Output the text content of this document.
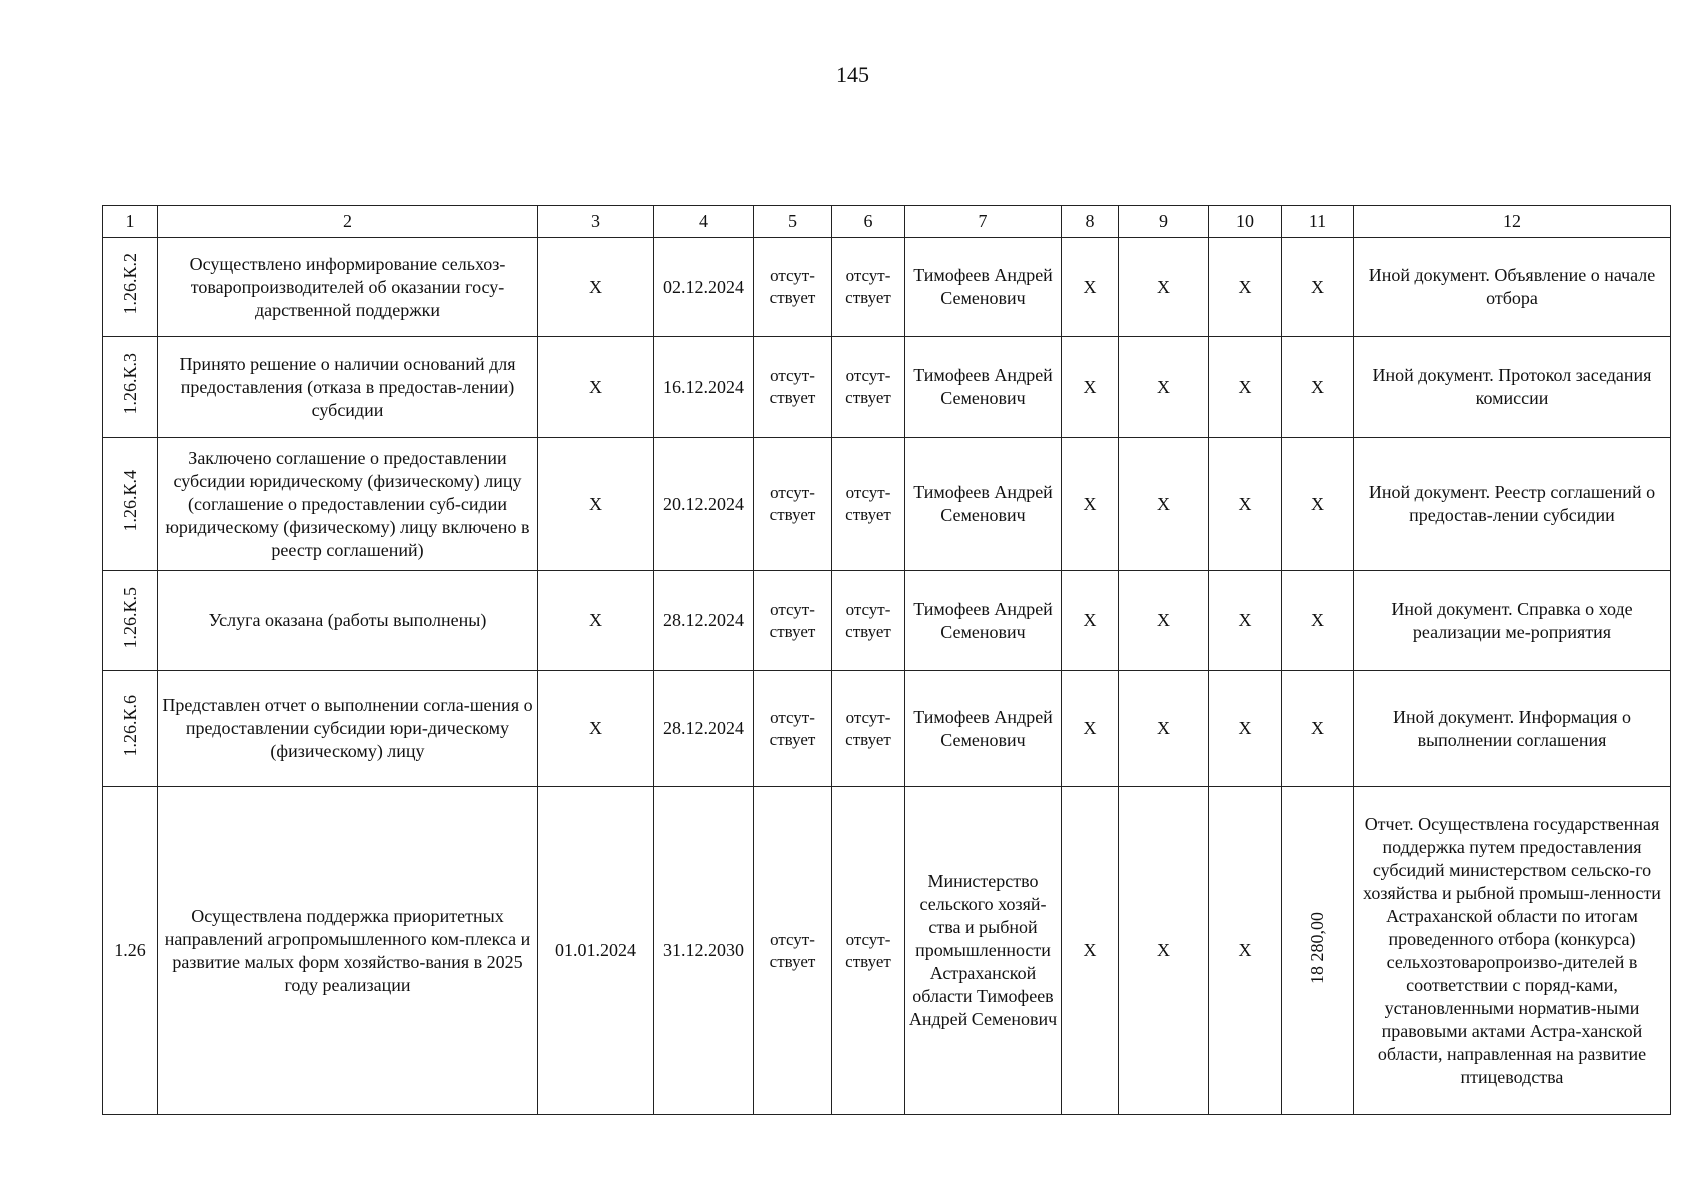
145
1	2	3	4	5	6	7	8	9	10	11	12
1.26.К.2	Осуществлено информирование сельхоз-товаропроизводителей об оказании госу-дарственной поддержки	Х	02.12.2024	отсут-ствует	отсут-ствует	Тимофеев Андрей Семенович	Х	Х	Х	Х	Иной документ. Объявление о начале отбора
1.26.К.3	Принято решение о наличии оснований для предоставления (отказа в предостав-лении) субсидии	Х	16.12.2024	отсут-ствует	отсут-ствует	Тимофеев Андрей Семенович	Х	Х	Х	Х	Иной документ. Протокол заседания комиссии
1.26.К.4	Заключено соглашение о предоставлении субсидии юридическому (физическому) лицу (соглашение о предоставлении суб-сидии юридическому (физическому) лицу включено в реестр соглашений)	Х	20.12.2024	отсут-ствует	отсут-ствует	Тимофеев Андрей Семенович	Х	Х	Х	Х	Иной документ. Реестр соглашений о предостав-лении субсидии
1.26.К.5	Услуга оказана (работы выполнены)	Х	28.12.2024	отсут-ствует	отсут-ствует	Тимофеев Андрей Семенович	Х	Х	Х	Х	Иной документ. Справка о ходе реализации ме-роприятия
1.26.К.6	Представлен отчет о выполнении согла-шения о предоставлении субсидии юри-дическому (физическому) лицу	Х	28.12.2024	отсут-ствует	отсут-ствует	Тимофеев Андрей Семенович	Х	Х	Х	Х	Иной документ. Информация о выполнении соглашения
1.26	Осуществлена поддержка приоритетных направлений агропромышленного ком-плекса и развитие малых форм хозяйство-вания в 2025 году реализации	01.01.2024	31.12.2030	отсут-ствует	отсут-ствует	Министерство сельского хозяй-ства и рыбной промышленности Астраханской области Тимофеев Андрей Семенович	Х	Х	Х	18 280,00	Отчет. Осуществлена государственная поддержка путем предоставления субсидий министерством сельско-го хозяйства и рыбной промыш-ленности Астраханской области по итогам проведенного отбора (конкурса) сельхозтоваропроизво-дителей в соответствии с поряд-ками, установленными норматив-ными правовыми актами Астра-ханской области, направленная на развитие птицеводства
